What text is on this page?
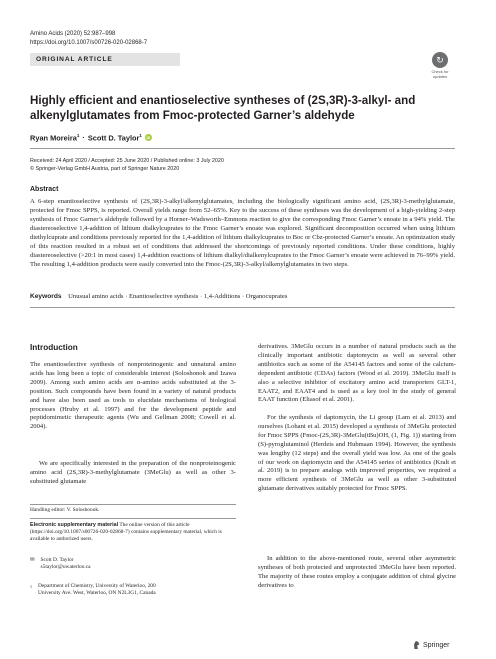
Amino Acids (2020) 52:987–998
https://doi.org/10.1007/s00726-020-02868-7
ORIGINAL ARTICLE	↻
Check for
updates
Highly efficient and enantioselective syntheses of (2S,3R)-3-alkyl- and alkenylglutamates from Fmoc-protected Garner’s aldehyde
Ryan Moreira$^1$ · Scott D. Taylor$^1$	iD
Received: 24 April 2020 / Accepted: 25 June 2020 / Published online: 3 July 2020
© Springer-Verlag GmbH Austria, part of Springer Nature 2020
Abstract

A 6-step enantioselective synthesis of (2S,3R)-3-alkyl/alkenylglutamates, including the biologically significant amino acid, (2S,3R)-3-methylglutamate, protected for Fmoc SPPS, is reported. Overall yields range from 52–65%. Key to the success of these syntheses was the development of a high-yielding 2-step synthesis of Fmoc Garner’s aldehyde followed by a Horner–Wadsworth–Emmons reaction to give the corresponding Fmoc Garner’s enoate in a 94% yield. The diastereoselective 1,4-addition of lithium dialkylcuprates to the Fmoc Garner’s enoate was explored. Significant decomposition occurred when using lithium diethylcuprate and conditions previously reported for the 1,4-addition of lithium dialkylcuprates to Boc or Cbz-protected Garner’s enoate. An optimization study of this reaction resulted in a robust set of conditions that addressed the shortcomings of previously reported conditions. Under these conditions, highly diastereoselective (>20:1 in most cases) 1,4-addition reactions of lithium dialkyl/dialkenylcuprates to the Fmoc Garner’s enoate were achieved in 76–99% yield. The resulting 1,4-addition products were easily converted into the Fmoc-(2S,3R)-3-alkyl/alkenylglutamates in two steps.

Keywords Unusual amino acids · Enantioselective synthesis · 1,4-Additions · Organocuprates
Introduction

The enantioselective synthesis of nonproteinogenic and unnatural amino acids has long been a topic of considerable interest (Soloshonok and Izawa 2009). Among such amino acids are α-amino acids substituted at the 3-position. Such compounds have been found in a variety of natural products and have also been used as tools to elucidate mechanisms of biological processes (Hruby et al. 1997) and for the development peptide and peptidomimetic therapeutic agents (Wu and Gellman 2008; Cowell et al. 2004).

We are specifically interested in the preparation of the nonproteinogenic amino acid (2S,3R)-3-methylglutamate (3MeGlu) as well as other 3-substituted glutamate

Handling editor: V. Soloshonok.
Electronic supplementary material The online version of this article (https://doi.org/10.1007/s00726-020-02868-7) contains supplementary material, which is available to authorized users.
✉ Scott D. Taylor
s5taylor@uwaterloo.ca
1 Department of Chemistry, University of Waterloo, 200
University Ave. West, Waterloo, ON N2L3G1, Canada

derivatives. 3MeGlu occurs in a number of natural products such as the clinically important antibiotic daptomycin as well as several other antibiotics such as some of the A54145 factors and some of the calcium-dependent antibiotic (CDAs) factors (Wood et al. 2019). 3MeGlu itself is also a selective inhibitor of excitatory amino acid transporters GLT-1, EAAT2, and EAAT4 and is used as a key tool in the study of general EAAT function (Eliasof et al. 2001).

For the synthesis of daptomycin, the Li group (Lam et al. 2013) and ourselves (Lohani et al. 2015) developed a synthesis of 3MeGlu protected for Fmoc SPPS (Fmoc-(2S,3R)-3MeGlu(tBu)OH, (1, Fig. 1)) starting from (S)-pyroglutaminol (Herdeis and Hubmaan 1994). However, the synthesis was lengthy (12 steps) and the overall yield was low. As one of the goals of our work on daptomycin and the A54145 series of antibiotics (Kralt et al. 2019) is to prepare analogs with improved properties, we required a more efficient synthesis of 3MeGlu as well as other 3-substituted glutamate derivatives suitably protected for Fmoc SPPS.

In addition to the above-mentioned route, several other asymmetric syntheses of both protected and unprotected 3MeGlu have been reported. The majority of these routes employ a conjugate addition of chiral glycine derivatives to

Springer
